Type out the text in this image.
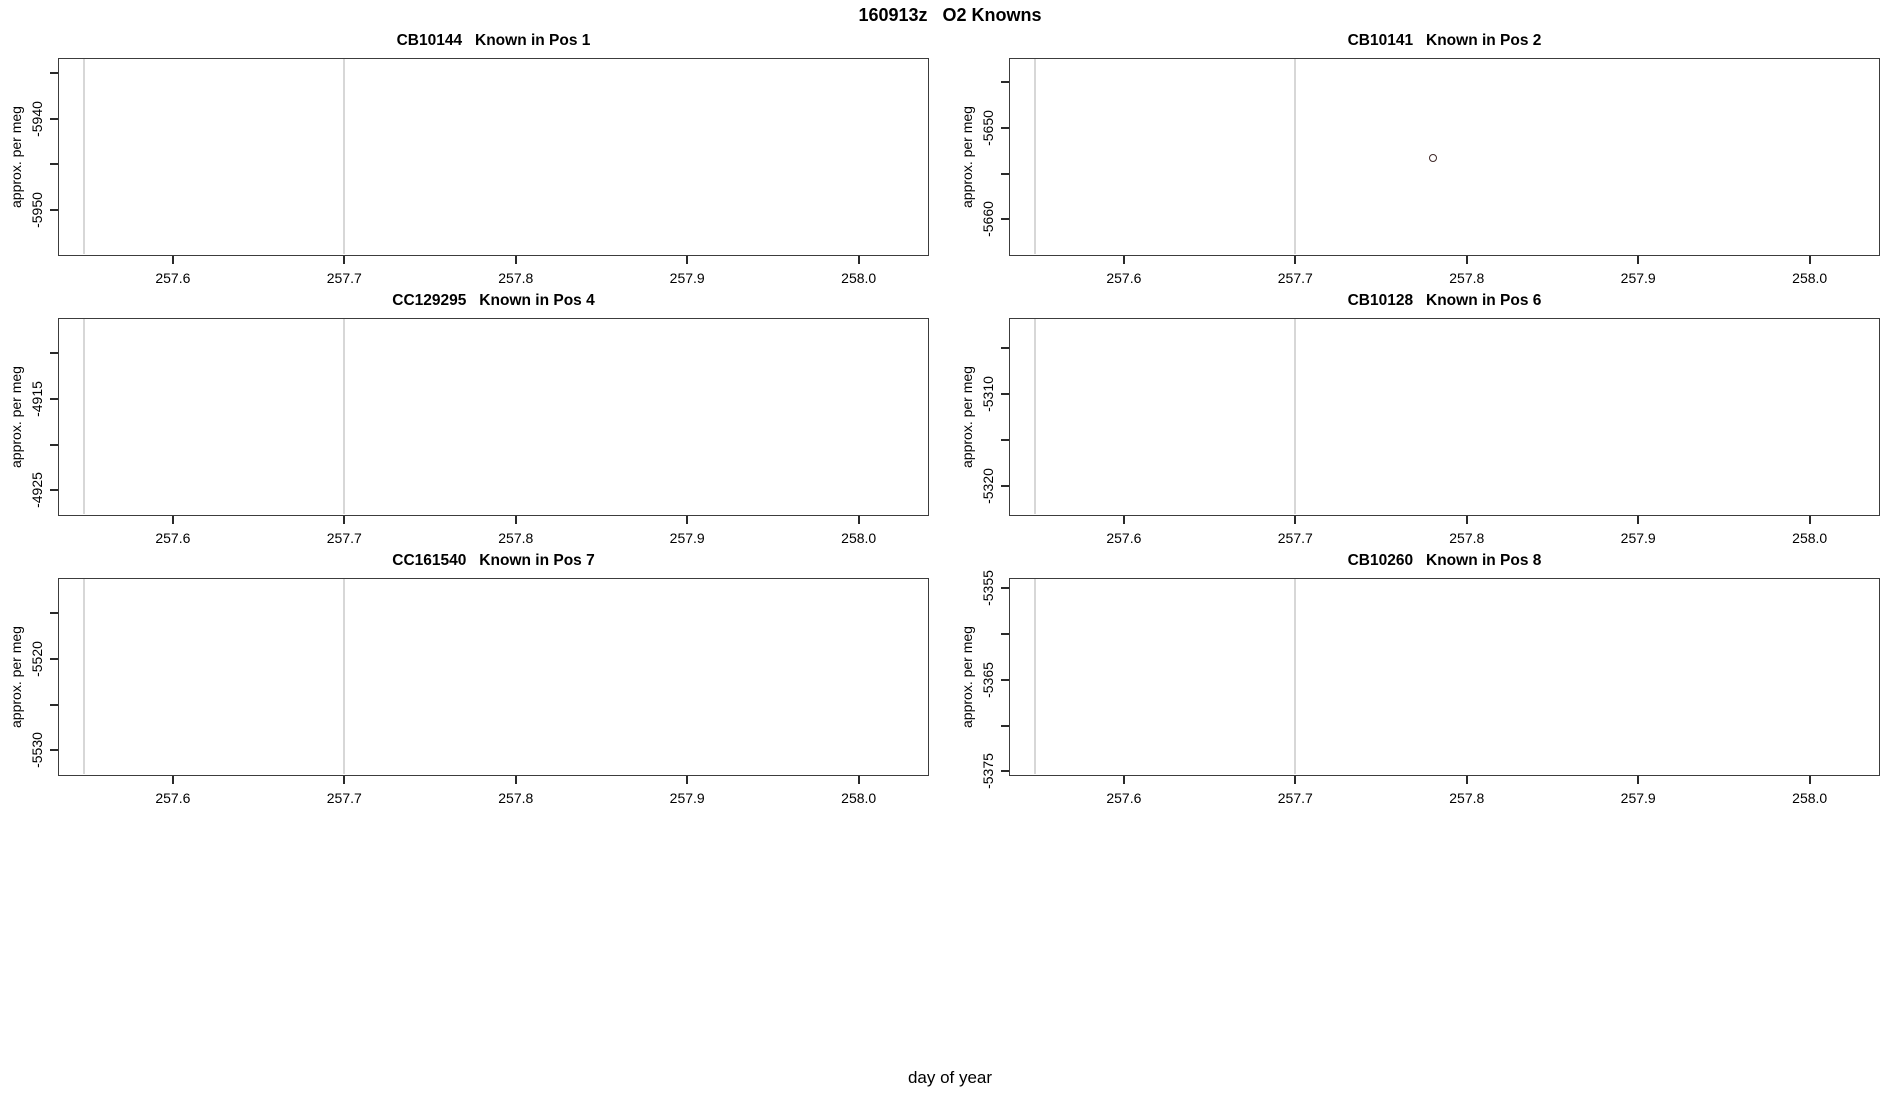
160913z   O2 Knowns
day of year
CB10144   Known in Pos 1
257.6	257.7	257.8	257.9	258.0
-5940
-5950
approx. per meg
CB10141   Known in Pos 2
257.6	257.7	257.8	257.9	258.0
-5650
-5660
approx. per meg
CC129295   Known in Pos 4
257.6	257.7	257.8	257.9	258.0
-4915
-4925
approx. per meg
CB10128   Known in Pos 6
257.6	257.7	257.8	257.9	258.0
-5310
-5320
approx. per meg
CC161540   Known in Pos 7
257.6	257.7	257.8	257.9	258.0
-5520
-5530
approx. per meg
CB10260   Known in Pos 8
257.6	257.7	257.8	257.9	258.0
-5355
-5365
-5375
approx. per meg
